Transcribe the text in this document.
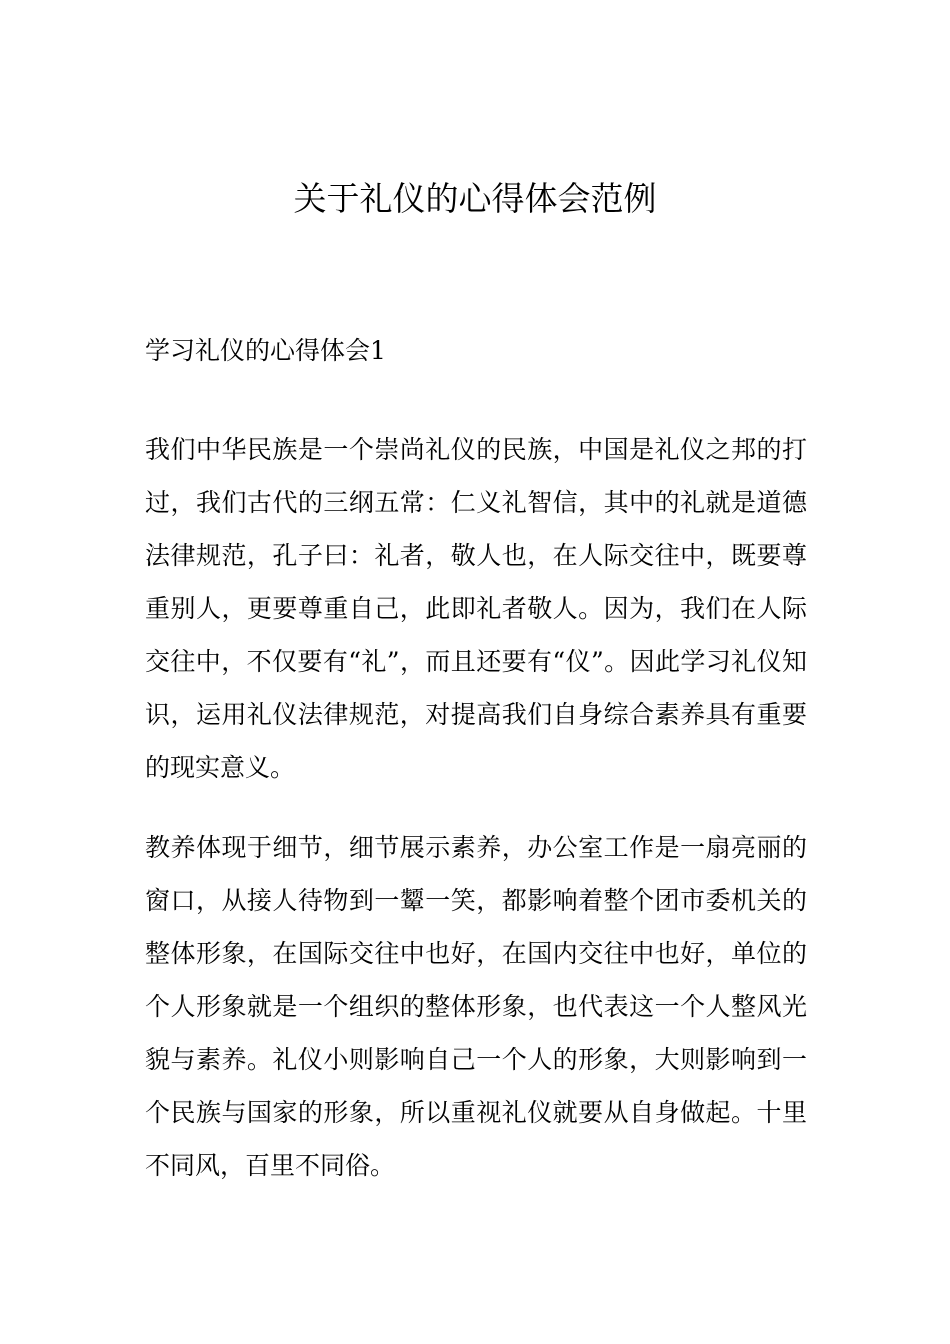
关于礼仪的心得体会范例
学习礼仪的心得体会1

我们中华民族是一个崇尚礼仪的民族，中国是礼仪之邦的打过，我们古代的三纲五常：仁义礼智信，其中的礼就是道德法律规范，孔子曰：礼者，敬人也，在人际交往中，既要尊重别人，更要尊重自己，此即礼者敬人。因为，我们在人际交往中，不仅要有“礼”，而且还要有“仪”。因此学习礼仪知识，运用礼仪法律规范，对提高我们自身综合素养具有重要的现实意义。

教养体现于细节，细节展示素养，办公室工作是一扇亮丽的窗口，从接人待物到一颦一笑，都影响着整个团市委机关的整体形象，在国际交往中也好，在国内交往中也好，单位的个人形象就是一个组织的整体形象，也代表这一个人整风光貌与素养。礼仪小则影响自己一个人的形象，大则影响到一个民族与国家的形象，所以重视礼仪就要从自身做起。十里不同风，百里不同俗。
